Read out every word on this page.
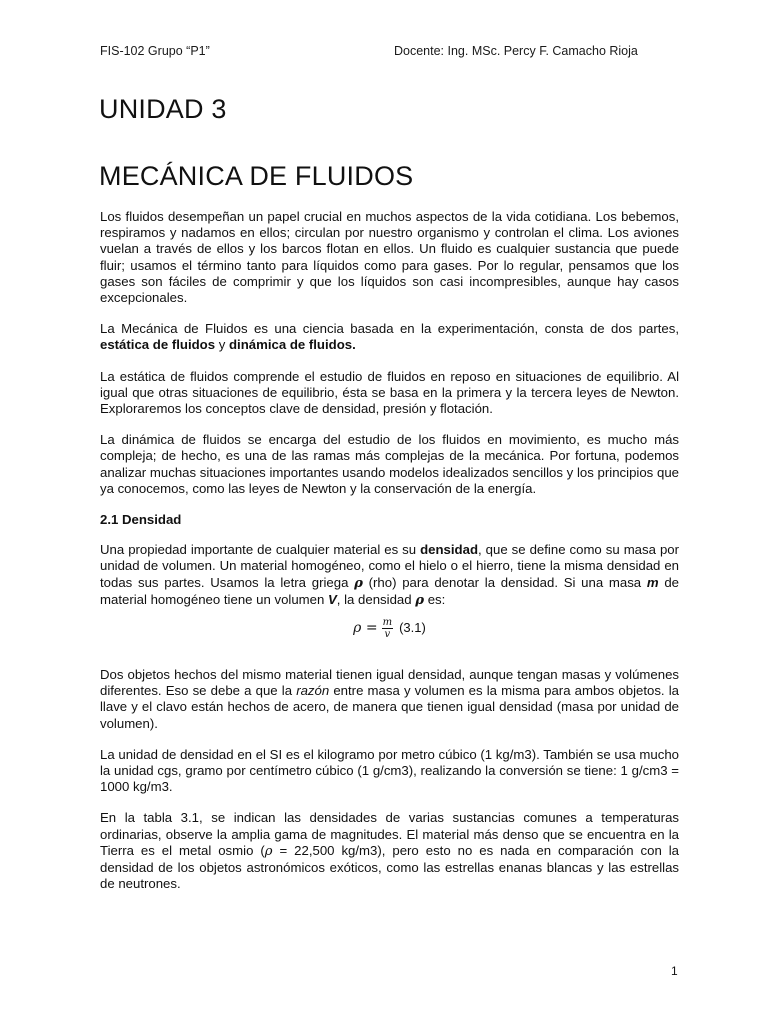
FIS-102 Grupo “P1”	Docente: Ing. MSc. Percy F. Camacho Rioja
UNIDAD 3
MECÁNICA DE FLUIDOS

Los fluidos desempeñan un papel crucial en muchos aspectos de la vida cotidiana. Los bebemos, respiramos y nadamos en ellos; circulan por nuestro organismo y controlan el clima. Los aviones vuelan a través de ellos y los barcos flotan en ellos. Un fluido es cualquier sustancia que puede fluir; usamos el término tanto para líquidos como para gases. Por lo regular, pensamos que los gases son fáciles de comprimir y que los líquidos son casi incompresibles, aunque hay casos excepcionales.

La Mecánica de Fluidos es una ciencia basada en la experimentación, consta de dos partes, estática de fluidos y dinámica de fluidos.

La estática de fluidos comprende el estudio de fluidos en reposo en situaciones de equilibrio. Al igual que otras situaciones de equilibrio, ésta se basa en la primera y la tercera leyes de Newton. Exploraremos los conceptos clave de densidad, presión y flotación.

La dinámica de fluidos se encarga del estudio de los fluidos en movimiento, es mucho más compleja; de hecho, es una de las ramas más complejas de la mecánica. Por fortuna, podemos analizar muchas situaciones importantes usando modelos idealizados sencillos y los principios que ya conocemos, como las leyes de Newton y la conservación de la energía.

2.1 Densidad

Una propiedad importante de cualquier material es su densidad, que se define como su masa por unidad de volumen. Un material homogéneo, como el hielo o el hierro, tiene la misma densidad en todas sus partes. Usamos la letra griega ρ (rho) para denotar la densidad. Si una masa m de material homogéneo tiene un volumen V, la densidad ρ es:

$\rho = \frac{m}{v} (3.1)$

Dos objetos hechos del mismo material tienen igual densidad, aunque tengan masas y volúmenes diferentes. Eso se debe a que la razón entre masa y volumen es la misma para ambos objetos. la llave y el clavo están hechos de acero, de manera que tienen igual densidad (masa por unidad de volumen).

La unidad de densidad en el SI es el kilogramo por metro cúbico (1 kg/m3). También se usa mucho la unidad cgs, gramo por centímetro cúbico (1 g/cm3), realizando la conversión se tiene: 1 g/cm3 = 1000 kg/m3.

En la tabla 3.1, se indican las densidades de varias sustancias comunes a temperaturas ordinarias, observe la amplia gama de magnitudes. El material más denso que se encuentra en la Tierra es el metal osmio (ρ = 22,500 kg/m3), pero esto no es nada en comparación con la densidad de los objetos astronómicos exóticos, como las estrellas enanas blancas y las estrellas de neutrones.

1
